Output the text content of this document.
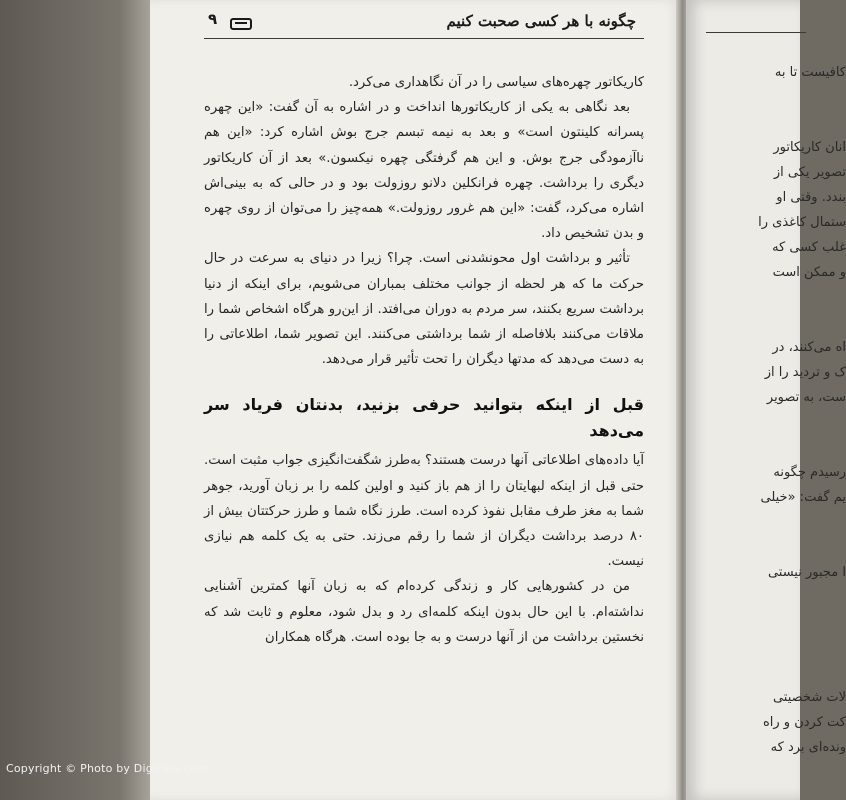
چگونه با هر کسی صحبت کنیم
۹

کاریکاتور چهره‌های سیاسی را در آن نگاهداری می‌کرد.

بعد نگاهی به یکی از کاریکاتورها انداخت و در اشاره به آن گفت: «این چهره پسرانه کلینتون است» و بعد به نیمه تبسم جرج بوش اشاره کرد: «این هم ناآزمودگی جرج بوش. و این هم گرفتگی چهره نیکسون.» بعد از آن کاریکاتور دیگری را برداشت. چهره فرانکلین دلانو روزولت بود و در حالی که به بینی‌اش اشاره می‌کرد، گفت: «این هم غرور روزولت.» همه‌چیز را می‌توان از روی چهره و بدن تشخیص داد.

تأثیر و برداشت اول محونشدنی است. چرا؟ زیرا در دنیای به سرعت در حال حرکت ما که هر لحظه از جوانب مختلف بمباران می‌شویم، برای اینکه از دنیا برداشت سریع بکنند، سر مردم به دوران می‌افتد. از این‌رو هرگاه اشخاص شما را ملاقات می‌کنند بلافاصله از شما برداشتی می‌کنند. این تصویر شما، اطلاعاتی را به دست می‌دهد که مدتها دیگران را تحت تأثیر قرار می‌دهد.

قبل از اینکه بتوانید حرفی بزنید، بدنتان فریاد سر می‌دهد

آیا داده‌های اطلاعاتی آنها درست هستند؟ به‌طرز شگفت‌انگیزی جواب مثبت است. حتی قبل از اینکه لبهایتان را از هم باز کنید و اولین کلمه را بر زبان آورید، جوهر شما به مغز طرف مقابل نفوذ کرده است. طرز نگاه شما و طرز حرکتتان بیش از ۸۰ درصد برداشت دیگران از شما را رقم می‌زند. حتی به یک کلمه هم نیازی نیست.

من در کشورهایی کار و زندگی کرده‌ام که به زبان آنها کمترین آشنایی نداشته‌ام. با این حال بدون اینکه کلمه‌ای رد و بدل شود، معلوم و ثابت شد که نخستین برداشت من از آنها درست و به جا بوده است. هرگاه همکاران

کافیست تا به
انان کاریکاتور
تصویر یکی از
بندد. وقتی او
ستمال کاغذی را
غلب کسی که
و ممکن است
اه می‌کنند، در
ک و تردید را از
ست، به تصویر
رسیدم چگونه
یم گفت: «خیلی
ا مجبور نیستی
لات شخصیتی
کت کردن و راه
ونده‌ای برد که
Copyright © Photo by Digikala.com
